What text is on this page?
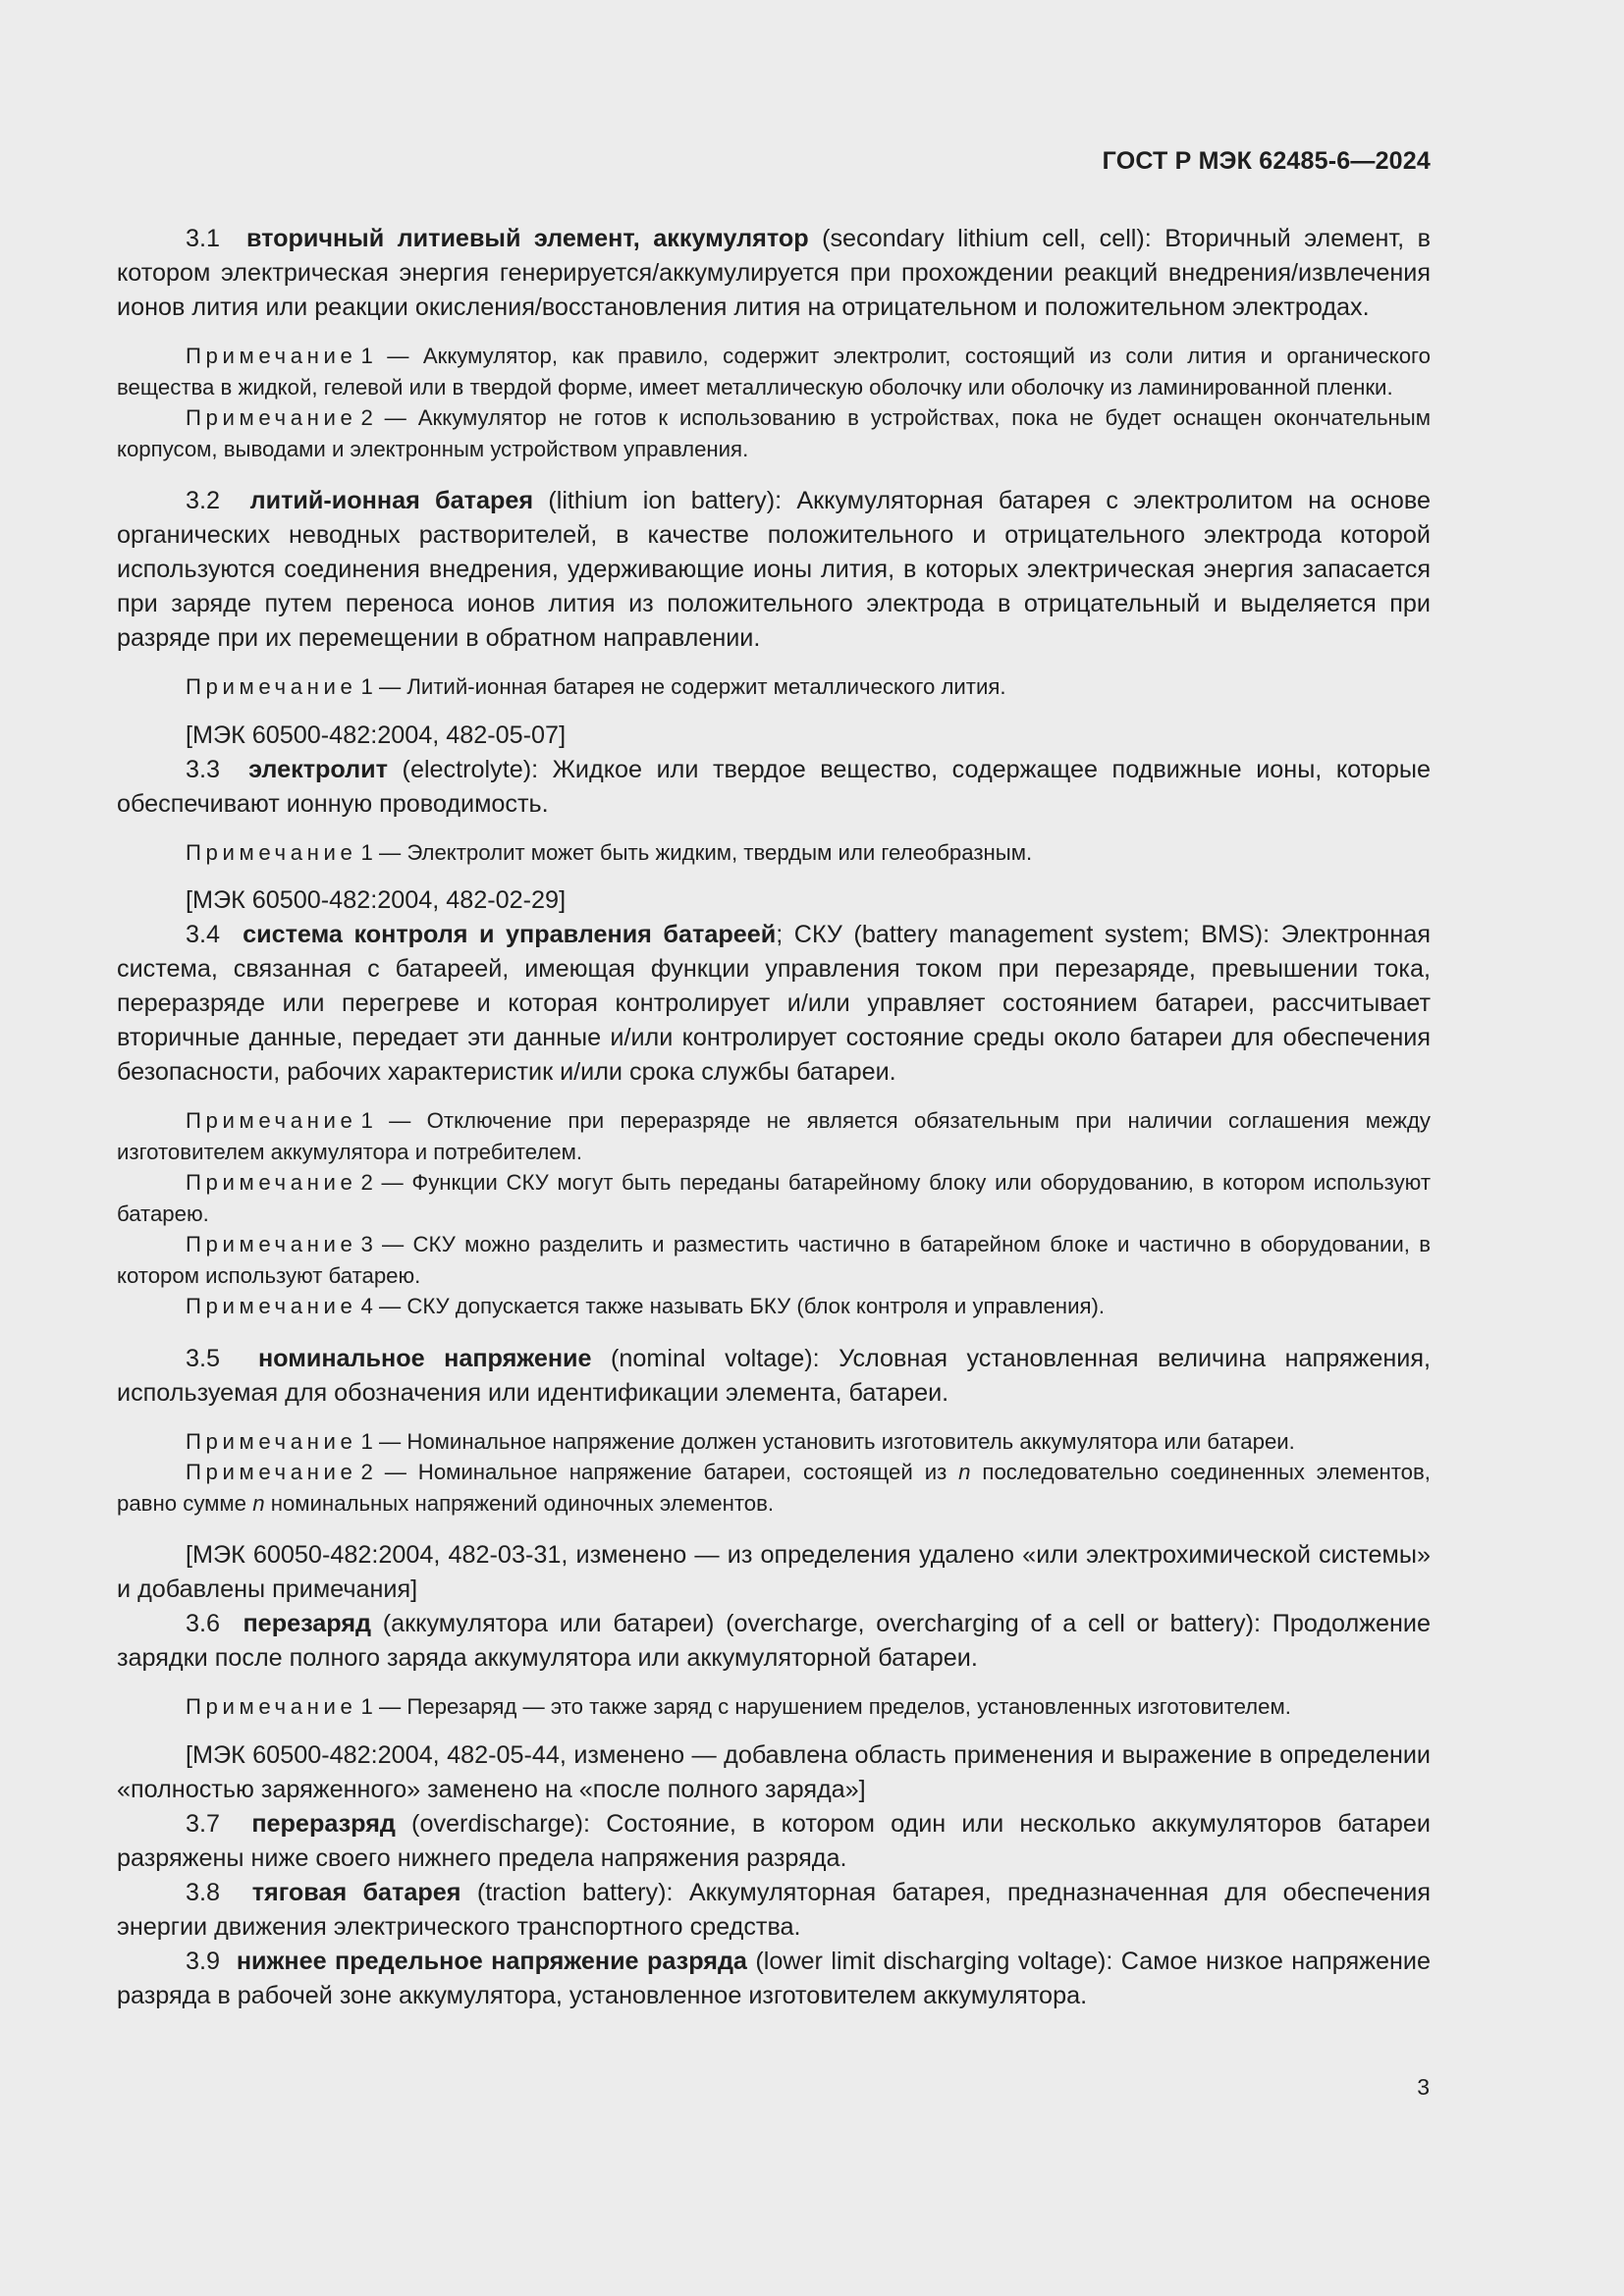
ГОСТ Р МЭК 62485-6—2024

3.1 вторичный литиевый элемент, аккумулятор (secondary lithium cell, cell): Вторичный элемент, в котором электрическая энергия генерируется/аккумулируется при прохождении реакций внедрения/извлечения ионов лития или реакции окисления/восстановления лития на отрицательном и положительном электродах.

Примечание 1 — Аккумулятор, как правило, содержит электролит, состоящий из соли лития и органического вещества в жидкой, гелевой или в твердой форме, имеет металлическую оболочку или оболочку из ламинированной пленки.

Примечание 2 — Аккумулятор не готов к использованию в устройствах, пока не будет оснащен окончательным корпусом, выводами и электронным устройством управления.

3.2 литий-ионная батарея (lithium ion battery): Аккумуляторная батарея с электролитом на основе органических неводных растворителей, в качестве положительного и отрицательного электрода которой используются соединения внедрения, удерживающие ионы лития, в которых электрическая энергия запасается при заряде путем переноса ионов лития из положительного электрода в отрицательный и выделяется при разряде при их перемещении в обратном направлении.

Примечание 1 — Литий-ионная батарея не содержит металлического лития.

[МЭК 60500-482:2004, 482-05-07]

3.3 электролит (electrolyte): Жидкое или твердое вещество, содержащее подвижные ионы, которые обеспечивают ионную проводимость.

Примечание 1 — Электролит может быть жидким, твердым или гелеобразным.

[МЭК 60500-482:2004, 482-02-29]

3.4 система контроля и управления батареей; СКУ (battery management system; BMS): Электронная система, связанная с батареей, имеющая функции управления током при перезаряде, превышении тока, переразряде или перегреве и которая контролирует и/или управляет состоянием батареи, рассчитывает вторичные данные, передает эти данные и/или контролирует состояние среды около батареи для обеспечения безопасности, рабочих характеристик и/или срока службы батареи.

Примечание 1 — Отключение при переразряде не является обязательным при наличии соглашения между изготовителем аккумулятора и потребителем.

Примечание 2 — Функции СКУ могут быть переданы батарейному блоку или оборудованию, в котором используют батарею.

Примечание 3 — СКУ можно разделить и разместить частично в батарейном блоке и частично в оборудовании, в котором используют батарею.

Примечание 4 — СКУ допускается также называть БКУ (блок контроля и управления).

3.5 номинальное напряжение (nominal voltage): Условная установленная величина напряжения, используемая для обозначения или идентификации элемента, батареи.

Примечание 1 — Номинальное напряжение должен установить изготовитель аккумулятора или батареи.

Примечание 2 — Номинальное напряжение батареи, состоящей из n последовательно соединенных элементов, равно сумме n номинальных напряжений одиночных элементов.

[МЭК 60050-482:2004, 482-03-31, изменено — из определения удалено «или электрохимической системы» и добавлены примечания]

3.6 перезаряд (аккумулятора или батареи) (overcharge, overcharging of a cell or battery): Продолжение зарядки после полного заряда аккумулятора или аккумуляторной батареи.

Примечание 1 — Перезаряд — это также заряд с нарушением пределов, установленных изготовителем.

[МЭК 60500-482:2004, 482-05-44, изменено — добавлена область применения и выражение в определении «полностью заряженного» заменено на «после полного заряда»]

3.7 переразряд (overdischarge): Состояние, в котором один или несколько аккумуляторов батареи разряжены ниже своего нижнего предела напряжения разряда.

3.8 тяговая батарея (traction battery): Аккумуляторная батарея, предназначенная для обеспечения энергии движения электрического транспортного средства.

3.9 нижнее предельное напряжение разряда (lower limit discharging voltage): Самое низкое напряжение разряда в рабочей зоне аккумулятора, установленное изготовителем аккумулятора.

3
